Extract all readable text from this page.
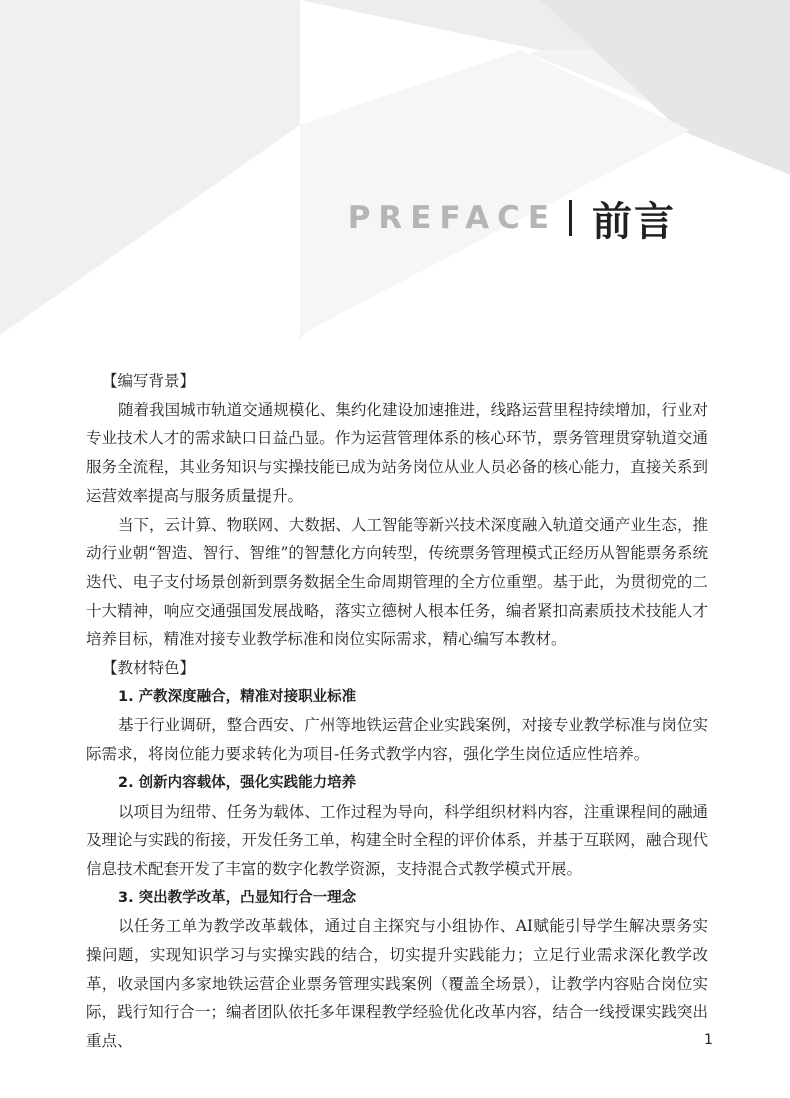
PREFACE 前言

【编写背景】

随着我国城市轨道交通规模化、集约化建设加速推进，线路运营里程持续增加，行业对专业技术人才的需求缺口日益凸显。作为运营管理体系的核心环节，票务管理贯穿轨道交通服务全流程，其业务知识与实操技能已成为站务岗位从业人员必备的核心能力，直接关系到运营效率提高与服务质量提升。

当下，云计算、物联网、大数据、人工智能等新兴技术深度融入轨道交通产业生态，推动行业朝“智造、智行、智维”的智慧化方向转型，传统票务管理模式正经历从智能票务系统迭代、电子支付场景创新到票务数据全生命周期管理的全方位重塑。基于此，为贯彻党的二十大精神，响应交通强国发展战略，落实立德树人根本任务，编者紧扣高素质技术技能人才培养目标，精准对接专业教学标准和岗位实际需求，精心编写本教材。

【教材特色】

1. 产教深度融合，精准对接职业标准

基于行业调研，整合西安、广州等地铁运营企业实践案例，对接专业教学标准与岗位实际需求，将岗位能力要求转化为项目-任务式教学内容，强化学生岗位适应性培养。

2. 创新内容载体，强化实践能力培养

以项目为纽带、任务为载体、工作过程为导向，科学组织材料内容，注重课程间的融通及理论与实践的衔接，开发任务工单，构建全时全程的评价体系，并基于互联网，融合现代信息技术配套开发了丰富的数字化教学资源，支持混合式教学模式开展。

3. 突出教学改革，凸显知行合一理念

以任务工单为教学改革载体，通过自主探究与小组协作、AI赋能引导学生解决票务实操问题，实现知识学习与实操实践的结合，切实提升实践能力；立足行业需求深化教学改革，收录国内多家地铁运营企业票务管理实践案例（覆盖全场景），让教学内容贴合岗位实际，践行知行合一；编者团队依托多年课程教学经验优化改革内容，结合一线授课实践突出重点、	1
